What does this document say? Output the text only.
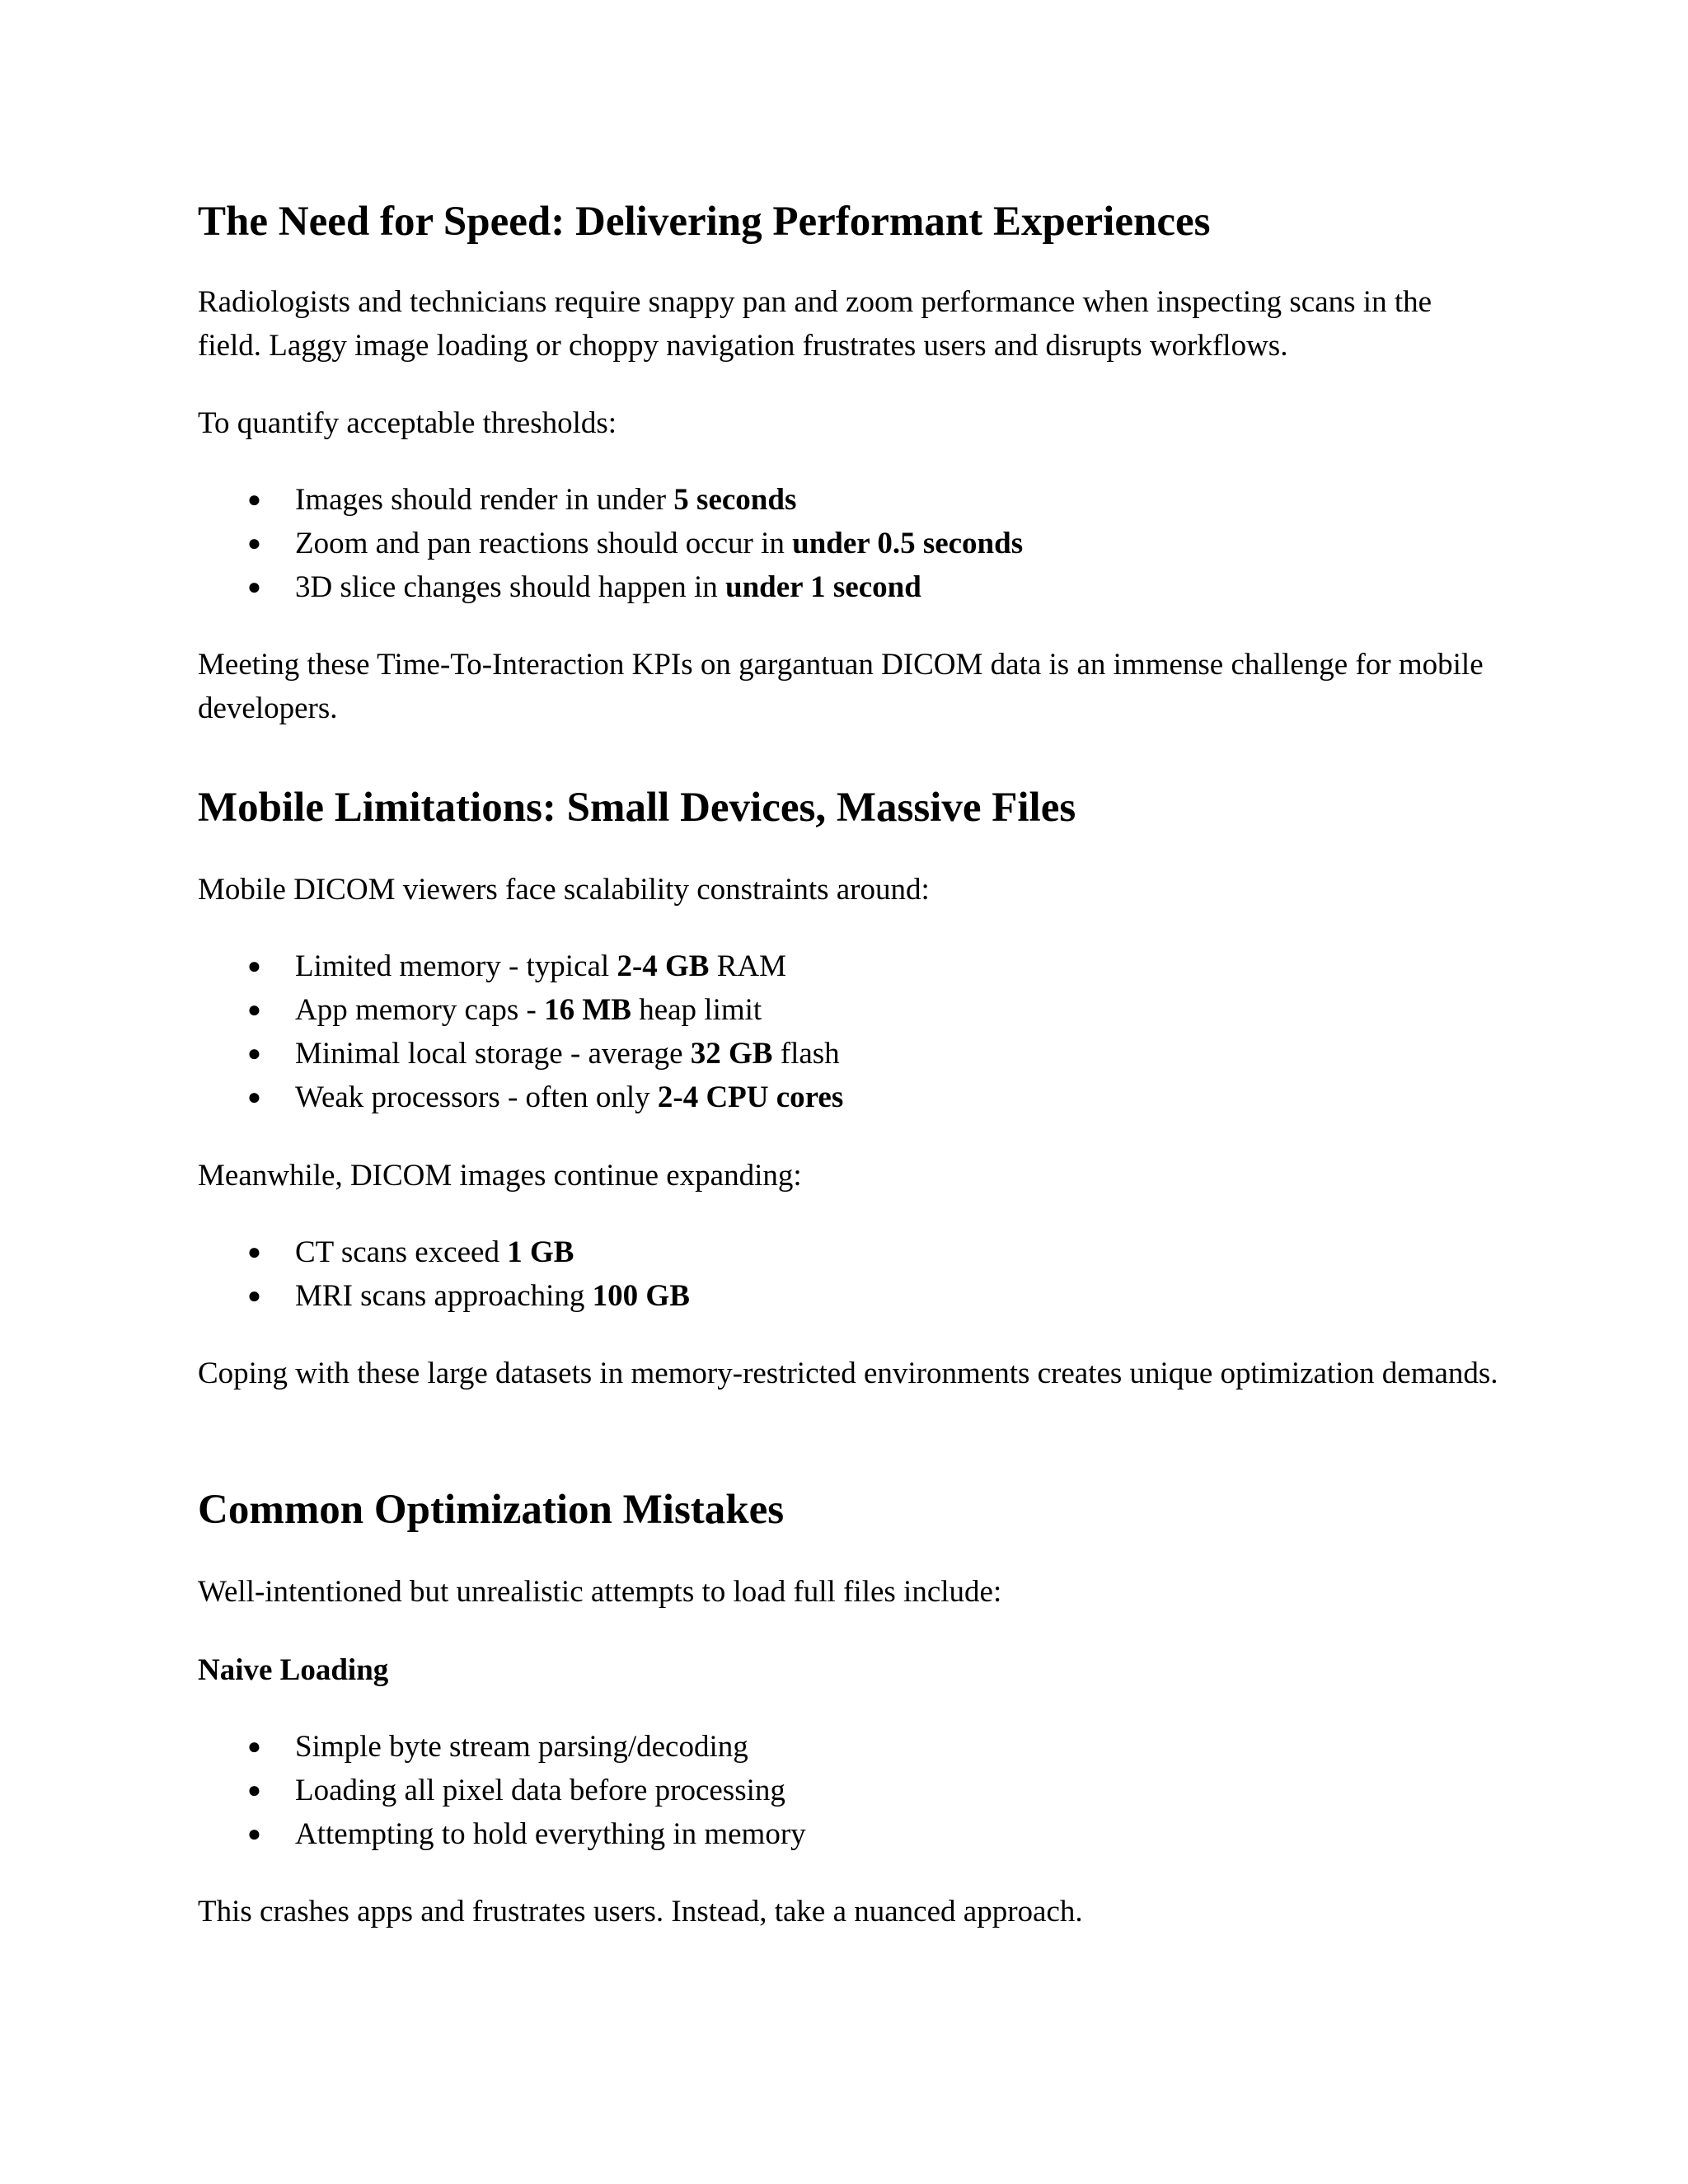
The Need for Speed: Delivering Performant Experiences

Radiologists and technicians require snappy pan and zoom performance when inspecting scans in the field. Laggy image loading or choppy navigation frustrates users and disrupts workflows.

To quantify acceptable thresholds:

● Images should render in under 5 seconds
● Zoom and pan reactions should occur in under 0.5 seconds
● 3D slice changes should happen in under 1 second

Meeting these Time-To-Interaction KPIs on gargantuan DICOM data is an immense challenge for mobile developers.

Mobile Limitations: Small Devices, Massive Files

Mobile DICOM viewers face scalability constraints around:

● Limited memory - typical 2-4 GB RAM
● App memory caps - 16 MB heap limit
● Minimal local storage - average 32 GB flash
● Weak processors - often only 2-4 CPU cores

Meanwhile, DICOM images continue expanding:

● CT scans exceed 1 GB
● MRI scans approaching 100 GB

Coping with these large datasets in memory-restricted environments creates unique optimization demands.

Common Optimization Mistakes

Well-intentioned but unrealistic attempts to load full files include:

Naive Loading
● Simple byte stream parsing/decoding
● Loading all pixel data before processing
● Attempting to hold everything in memory

This crashes apps and frustrates users. Instead, take a nuanced approach.
